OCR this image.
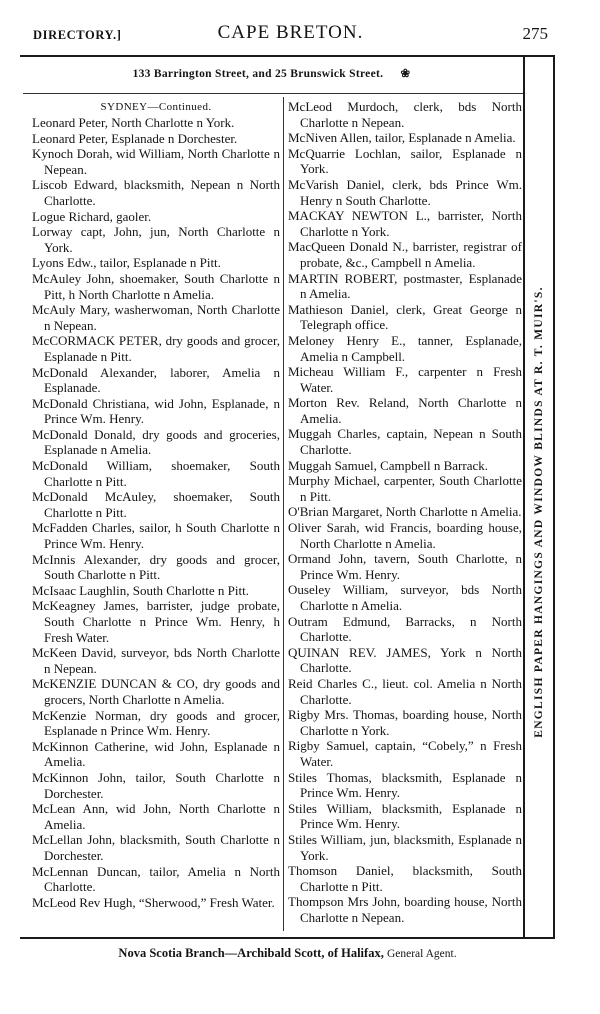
DIRECTORY.]	CAPE BRETON.	275
133 Barrington Street, and 25 Brunswick Street. ❀
ENGLISH PAPER HANGINGS AND WINDOW BLINDS AT R. T. MUIR'S.
SYDNEY—Continued.

Leonard Peter, North Charlotte n York.

Leonard Peter, Esplanade n Dorchester.

Kynoch Dorah, wid William, North Charlotte n Nepean.

Liscob Edward, blacksmith, Nepean n North Charlotte.

Logue Richard, gaoler.

Lorway capt, John, jun, North Charlotte n York.

Lyons Edw., tailor, Esplanade n Pitt.

McAuley John, shoemaker, South Charlotte n Pitt, h North Charlotte n Amelia.

McAuly Mary, washerwoman, North Charlotte n Nepean.

McCORMACK PETER, dry goods and grocer, Esplanade n Pitt.

McDonald Alexander, laborer, Amelia n Esplanade.

McDonald Christiana, wid John, Esplanade, n Prince Wm. Henry.

McDonald Donald, dry goods and groceries, Esplanade n Amelia.

McDonald William, shoemaker, South Charlotte n Pitt.

McDonald McAuley, shoemaker, South Charlotte n Pitt.

McFadden Charles, sailor, h South Charlotte n Prince Wm. Henry.

McInnis Alexander, dry goods and grocer, South Charlotte n Pitt.

McIsaac Laughlin, South Charlotte n Pitt.

McKeagney James, barrister, judge probate, South Charlotte n Prince Wm. Henry, h Fresh Water.

McKeen David, surveyor, bds North Charlotte n Nepean.

McKENZIE DUNCAN & CO, dry goods and grocers, North Charlotte n Amelia.

McKenzie Norman, dry goods and grocer, Esplanade n Prince Wm. Henry.

McKinnon Catherine, wid John, Esplanade n Amelia.

McKinnon John, tailor, South Charlotte n Dorchester.

McLean Ann, wid John, North Charlotte n Amelia.

McLellan John, blacksmith, South Charlotte n Dorchester.

McLennan Duncan, tailor, Amelia n North Charlotte.

McLeod Rev Hugh, “Sherwood,” Fresh Water.

McLeod Murdoch, clerk, bds North Charlotte n Nepean.

McNiven Allen, tailor, Esplanade n Amelia.

McQuarrie Lochlan, sailor, Esplanade n York.

McVarish Daniel, clerk, bds Prince Wm. Henry n South Charlotte.

MACKAY NEWTON L., barrister, North Charlotte n York.

MacQueen Donald N., barrister, registrar of probate, &c., Campbell n Amelia.

MARTIN ROBERT, postmaster, Esplanade n Amelia.

Mathieson Daniel, clerk, Great George n Telegraph office.

Meloney Henry E., tanner, Esplanade, Amelia n Campbell.

Micheau William F., carpenter n Fresh Water.

Morton Rev. Reland, North Charlotte n Amelia.

Muggah Charles, captain, Nepean n South Charlotte.

Muggah Samuel, Campbell n Barrack.

Murphy Michael, carpenter, South Charlotte n Pitt.

O'Brian Margaret, North Charlotte n Amelia.

Oliver Sarah, wid Francis, boarding house, North Charlotte n Amelia.

Ormand John, tavern, South Charlotte, n Prince Wm. Henry.

Ouseley William, surveyor, bds North Charlotte n Amelia.

Outram Edmund, Barracks, n North Charlotte.

QUINAN REV. JAMES, York n North Charlotte.

Reid Charles C., lieut. col. Amelia n North Charlotte.

Rigby Mrs. Thomas, boarding house, North Charlotte n York.

Rigby Samuel, captain, “Cobely,” n Fresh Water.

Stiles Thomas, blacksmith, Esplanade n Prince Wm. Henry.

Stiles William, blacksmith, Esplanade n Prince Wm. Henry.

Stiles William, jun, blacksmith, Esplanade n York.

Thomson Daniel, blacksmith, South Charlotte n Pitt.

Thompson Mrs John, boarding house, North Charlotte n Nepean.

Nova Scotia Branch—Archibald Scott, of Halifax, General Agent.
